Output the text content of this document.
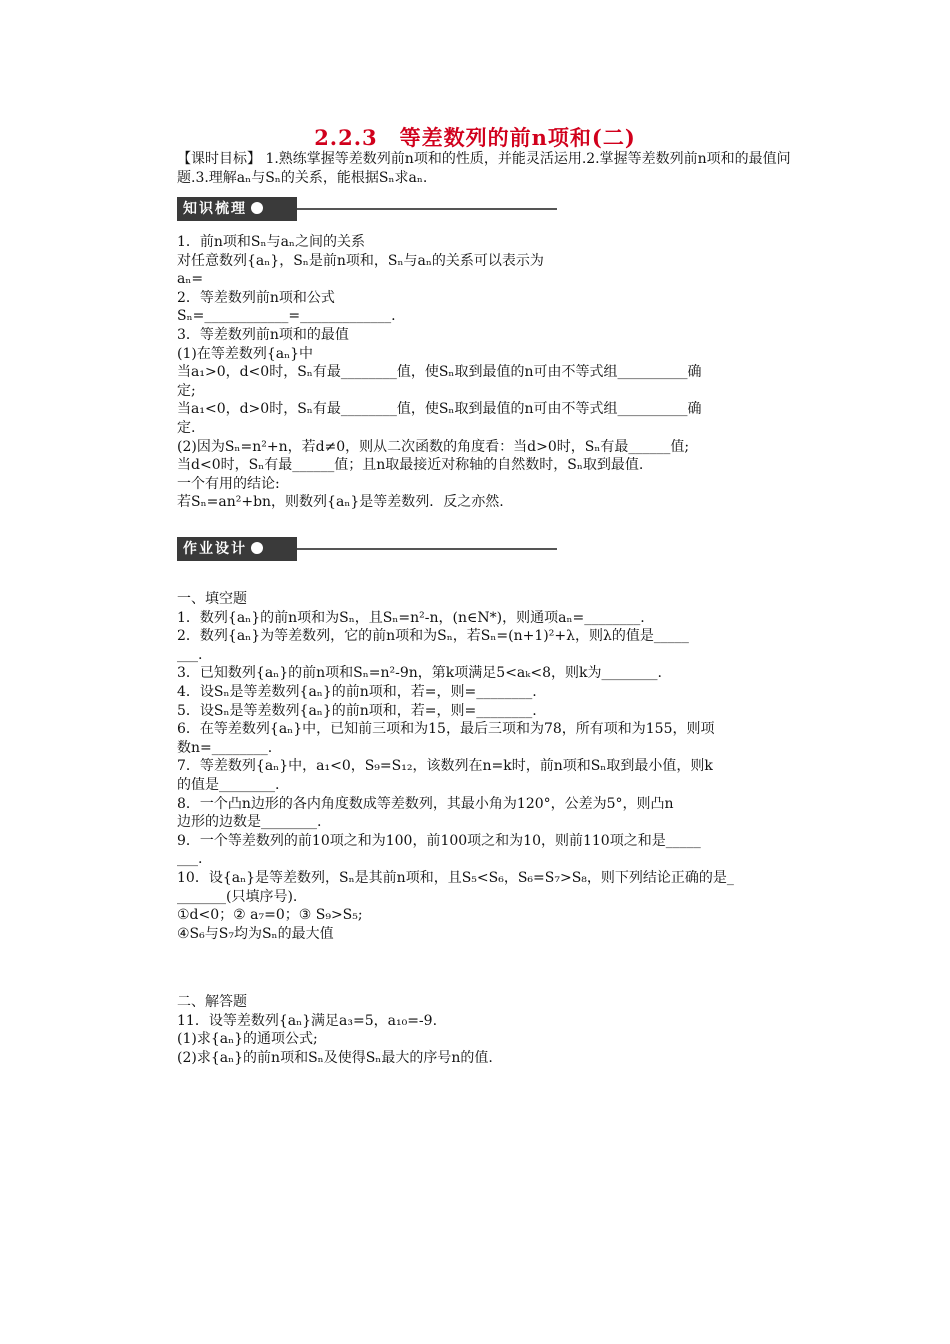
2.2.3　等差数列的前n项和(二)
【课时目标】 1.熟练掌握等差数列前n项和的性质，并能灵活运用.2.掌握等差数列前n项和的最值问题.3.理解aₙ与Sₙ的关系，能根据Sₙ求aₙ.
知识梳理
1．前n项和Sₙ与aₙ之间的关系
对任意数列{aₙ}，Sₙ是前n项和，Sₙ与aₙ的关系可以表示为
aₙ=
2．等差数列前n项和公式
Sₙ=____________=_____________.
3．等差数列前n项和的最值
(1)在等差数列{aₙ}中
当a₁>0，d<0时，Sₙ有最________值，使Sₙ取到最值的n可由不等式组__________确
定;
当a₁<0，d>0时，Sₙ有最________值，使Sₙ取到最值的n可由不等式组__________确
定.
(2)因为Sₙ=n²+n，若d≠0，则从二次函数的角度看：当d>0时，Sₙ有最______值;
当d<0时，Sₙ有最______值；且n取最接近对称轴的自然数时，Sₙ取到最值.
一个有用的结论:
若Sₙ=an²+bn，则数列{aₙ}是等差数列．反之亦然.
作业设计
一、填空题
1．数列{aₙ}的前n项和为Sₙ，且Sₙ=n²-n，(n∈N*)，则通项aₙ=________.
2．数列{aₙ}为等差数列，它的前n项和为Sₙ，若Sₙ=(n+1)²+λ，则λ的值是_____
___.
3．已知数列{aₙ}的前n项和Sₙ=n²-9n，第k项满足5<aₖ<8，则k为________.
4．设Sₙ是等差数列{aₙ}的前n项和，若=，则=________.
5．设Sₙ是等差数列{aₙ}的前n项和，若=，则=________.
6．在等差数列{aₙ}中，已知前三项和为15，最后三项和为78，所有项和为155，则项
数n=________.
7．等差数列{aₙ}中，a₁<0，S₉=S₁₂，该数列在n=k时，前n项和Sₙ取到最小值，则k
的值是________.
8．一个凸n边形的各内角度数成等差数列，其最小角为120°，公差为5°，则凸n
边形的边数是________.
9．一个等差数列的前10项之和为100，前100项之和为10，则前110项之和是_____
___.
10．设{aₙ}是等差数列，Sₙ是其前n项和，且S₅<S₆，S₆=S₇>S₈，则下列结论正确的是_
_______(只填序号).
①d<0；② a₇=0；③ S₉>S₅;
④S₆与S₇均为Sₙ的最大值
二、解答题
11．设等差数列{aₙ}满足a₃=5，a₁₀=-9.
(1)求{aₙ}的通项公式;
(2)求{aₙ}的前n项和Sₙ及使得Sₙ最大的序号n的值.
